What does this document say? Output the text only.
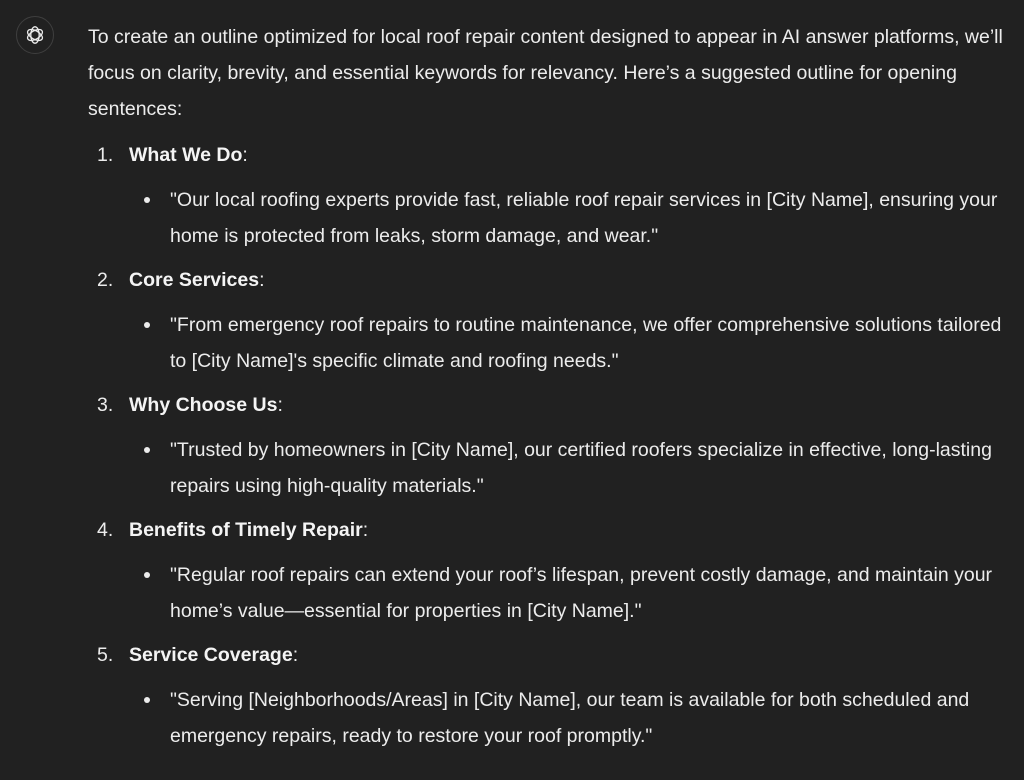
To create an outline optimized for local roof repair content designed to appear in AI answer platforms, we’ll focus on clarity, brevity, and essential keywords for relevancy. Here’s a suggested outline for opening sentences:

1. What We Do:
"Our local roofing experts provide fast, reliable roof repair services in [City Name], ensuring your home is protected from leaks, storm damage, and wear."
2. Core Services:
"From emergency roof repairs to routine maintenance, we offer comprehensive solutions tailored to [City Name]'s specific climate and roofing needs."
3. Why Choose Us:
"Trusted by homeowners in [City Name], our certified roofers specialize in effective, long-lasting repairs using high-quality materials."
4. Benefits of Timely Repair:
"Regular roof repairs can extend your roof’s lifespan, prevent costly damage, and maintain your home’s value—essential for properties in [City Name]."
5. Service Coverage:
"Serving [Neighborhoods/Areas] in [City Name], our team is available for both scheduled and emergency repairs, ready to restore your roof promptly."
